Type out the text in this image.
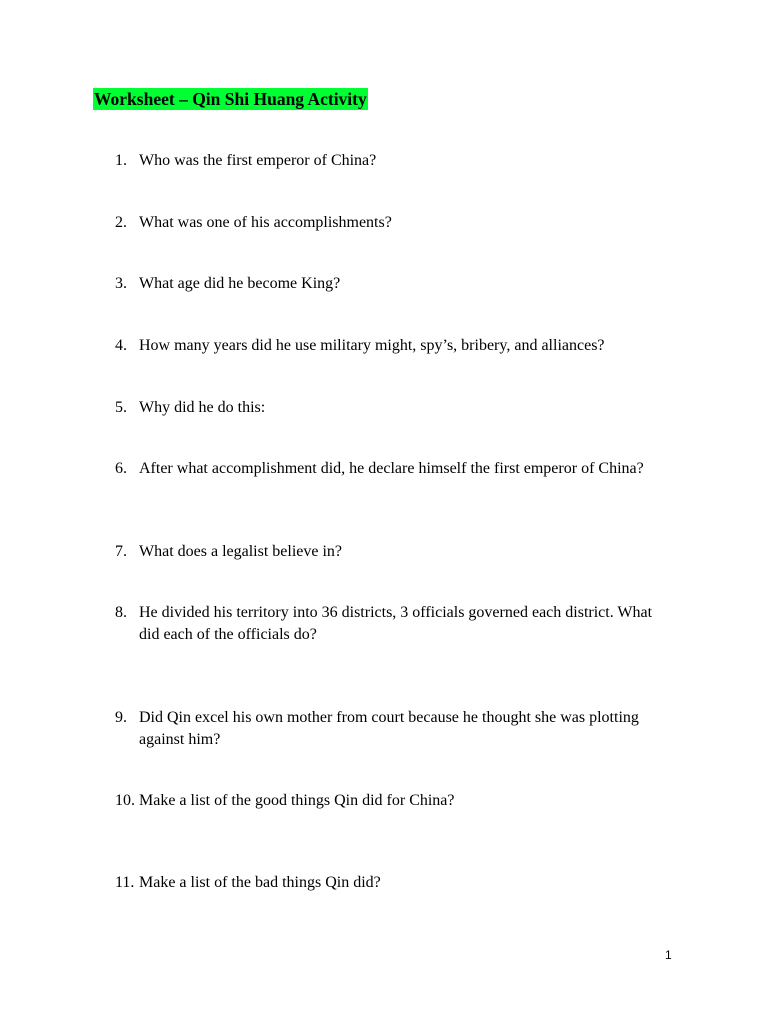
Worksheet – Qin Shi Huang Activity
1. Who was the first emperor of China?
2. What was one of his accomplishments?
3. What age did he become King?
4. How many years did he use military might, spy’s, bribery, and alliances?
5. Why did he do this:
6. After what accomplishment did, he declare himself the first emperor of China?
7. What does a legalist believe in?
8. He divided his territory into 36 districts, 3 officials governed each district. What did each of the officials do?
9. Did Qin excel his own mother from court because he thought she was plotting against him?
10. Make a list of the good things Qin did for China?
11. Make a list of the bad things Qin did?
1
